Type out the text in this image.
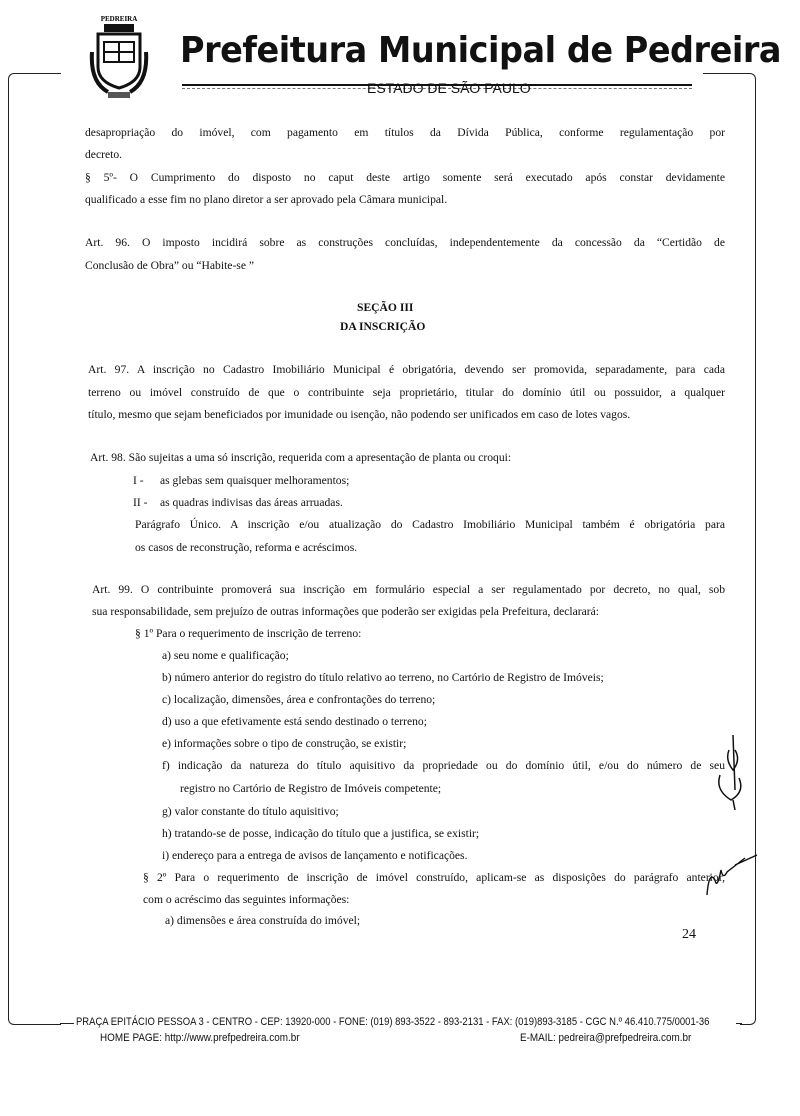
PEDREIRA
Prefeitura Municipal de Pedreira
ESTADO DE SÃO PAULO
desapropriação do imóvel, com pagamento em títulos da Dívida Pública, conforme regulamentação por
decreto.
§ 5º- O Cumprimento do disposto no caput deste artigo somente será executado após constar devidamente
qualificado a esse fim no plano diretor a ser aprovado pela Câmara municipal.
Art. 96. O imposto incidirá sobre as construções concluídas, independentemente da concessão da “Certidão de
Conclusão de Obra” ou “Habite-se ”
SEÇÃO III
DA INSCRIÇÃO
Art. 97. A inscrição no Cadastro Imobiliário Municipal é obrigatória, devendo ser promovida, separadamente, para cada
terreno ou imóvel construído de que o contribuinte seja proprietário, titular do domínio útil ou possuidor, a qualquer
título, mesmo que sejam beneficiados por imunidade ou isenção, não podendo ser unificados em caso de lotes vagos.
Art. 98. São sujeitas a uma só inscrição, requerida com a apresentação de planta ou croqui:
I - as glebas sem quaisquer melhoramentos;
II - as quadras indivisas das áreas arruadas.
Parágrafo Único. A inscrição e/ou atualização do Cadastro Imobiliário Municipal também é obrigatória para
os casos de reconstrução, reforma e acréscimos.
Art. 99. O contribuinte promoverá sua inscrição em formulário especial a ser regulamentado por decreto, no qual, sob
sua responsabilidade, sem prejuízo de outras informações que poderão ser exigidas pela Prefeitura, declarará:
§ 1º Para o requerimento de inscrição de terreno:
a) seu nome e qualificação;
b) número anterior do registro do título relativo ao terreno, no Cartório de Registro de Imóveis;
c) localização, dimensões, área e confrontações do terreno;
d) uso a que efetivamente está sendo destinado o terreno;
e) informações sobre o tipo de construção, se existir;
f) indicação da natureza do título aquisitivo da propriedade ou do domínio útil, e/ou do número de seu
registro no Cartório de Registro de Imóveis competente;
g) valor constante do título aquisitivo;
h) tratando-se de posse, indicação do título que a justifica, se existir;
i) endereço para a entrega de avisos de lançamento e notificações.
§ 2º Para o requerimento de inscrição de imóvel construído, aplicam-se as disposições do parágrafo anterior,
com o acréscimo das seguintes informações:
a) dimensões e área construída do imóvel;
24
PRAÇA EPITÁCIO PESSOA 3 - CENTRO - CEP: 13920-000 - FONE: (019) 893-3522 - 893-2131 - FAX: (019)893-3185 - CGC N.º 46.410.775/0001-36
HOME PAGE: http://www.prefpedreira.com.br	E-MAIL: pedreira@prefpedreira.com.br
